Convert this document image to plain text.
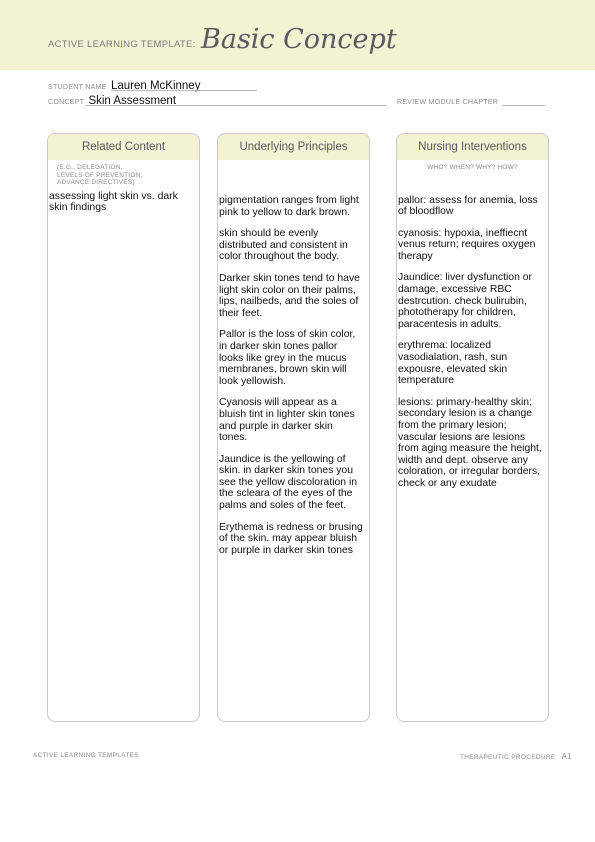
ACTIVE LEARNING TEMPLATE: Basic Concept
STUDENT NAME Lauren McKinney
CONCEPT Skin Assessment	REVIEW MODULE CHAPTER
Related Content
(E.G., DELEGATION,
LEVELS OF PREVENTION,
ADVANCE DIRECTIVES)

assessing light skin vs. dark skin findings

Underlying Principles

pigmentation ranges from light pink to yellow to dark brown.

skin should be evenly distributed and consistent in color throughout the body.

Darker skin tones tend to have light skin color on their palms, lips, nailbeds, and the soles of their feet.

Pallor is the loss of skin color, in darker skin tones pallor looks like grey in the mucus membranes, brown skin will look yellowish.

Cyanosis will appear as a bluish tint in lighter skin tones and purple in darker skin tones.

Jaundice is the yellowing of skin. in darker skin tones you see the yellow discoloration in the scleara of the eyes of the palms and soles of the feet.

Erythema is redness or brusing of the skin. may appear bluish or purple in darker skin tones

Nursing Interventions
WHO? WHEN? WHY? HOW?

pallor: assess for anemia, loss of bloodflow

cyanosis: hypoxia, ineffiecnt venus return; requires oxygen therapy

Jaundice: liver dysfunction or damage, excessive RBC destrcution. check bulirubin, phototherapy for children, paracentesis in adults.

erythrema: localized vasodialation, rash, sun expousre, elevated skin temperature

lesions: primary-healthy skin; secondary lesion is a change from the primary lesion; vascular lesions are lesions from aging measure the height, width and dept. observe any coloration, or irregular borders, check or any exudate

ACTIVE LEARNING TEMPLATES	THERAPEUTIC PROCEDURE A1
